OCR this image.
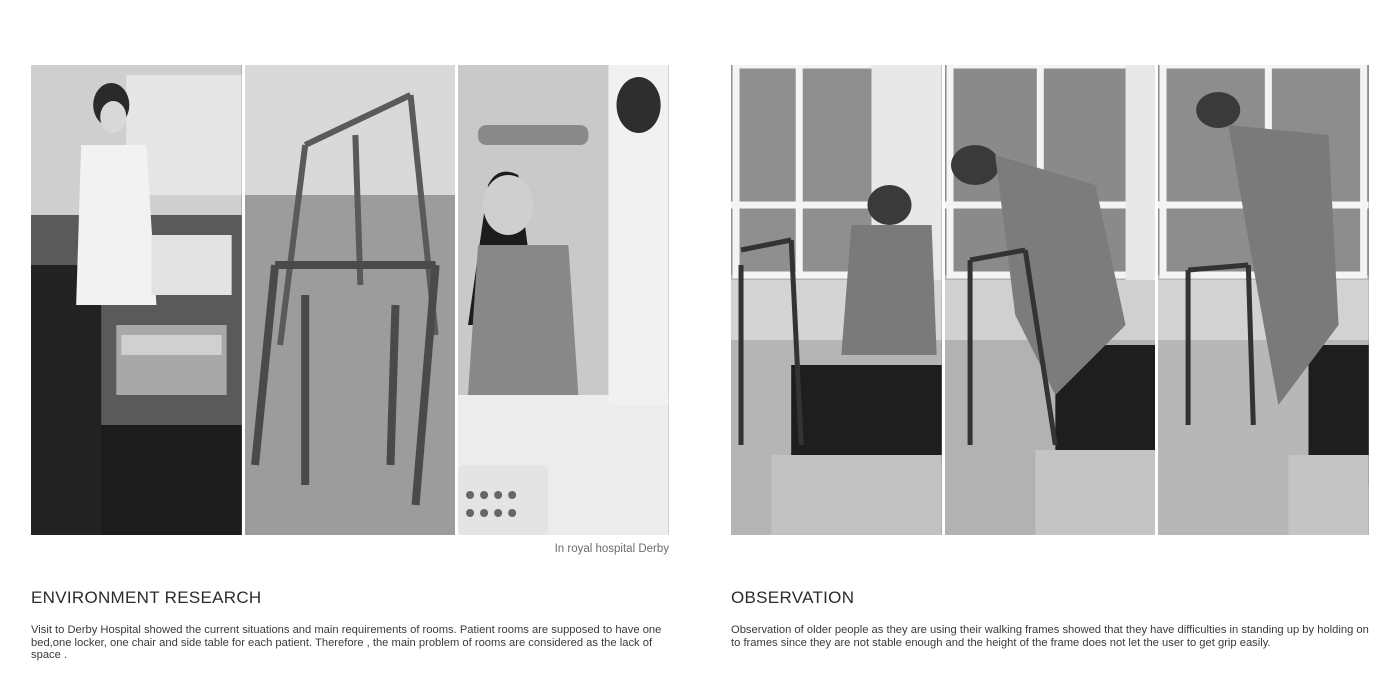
In royal hospital Derby
ENVIRONMENT RESEARCH

Visit to Derby Hospital showed the current situations and main requirements of rooms. Patient rooms are supposed to have one bed,one locker, one chair and side table for each patient. Therefore , the main problem of rooms are considered as the lack of space .

OBSERVATION

Observation of older people as they are using their walking frames showed that they have difficulties in standing up by holding on to frames since they are not stable enough and the height of the frame does not let the user to get grip easily.
